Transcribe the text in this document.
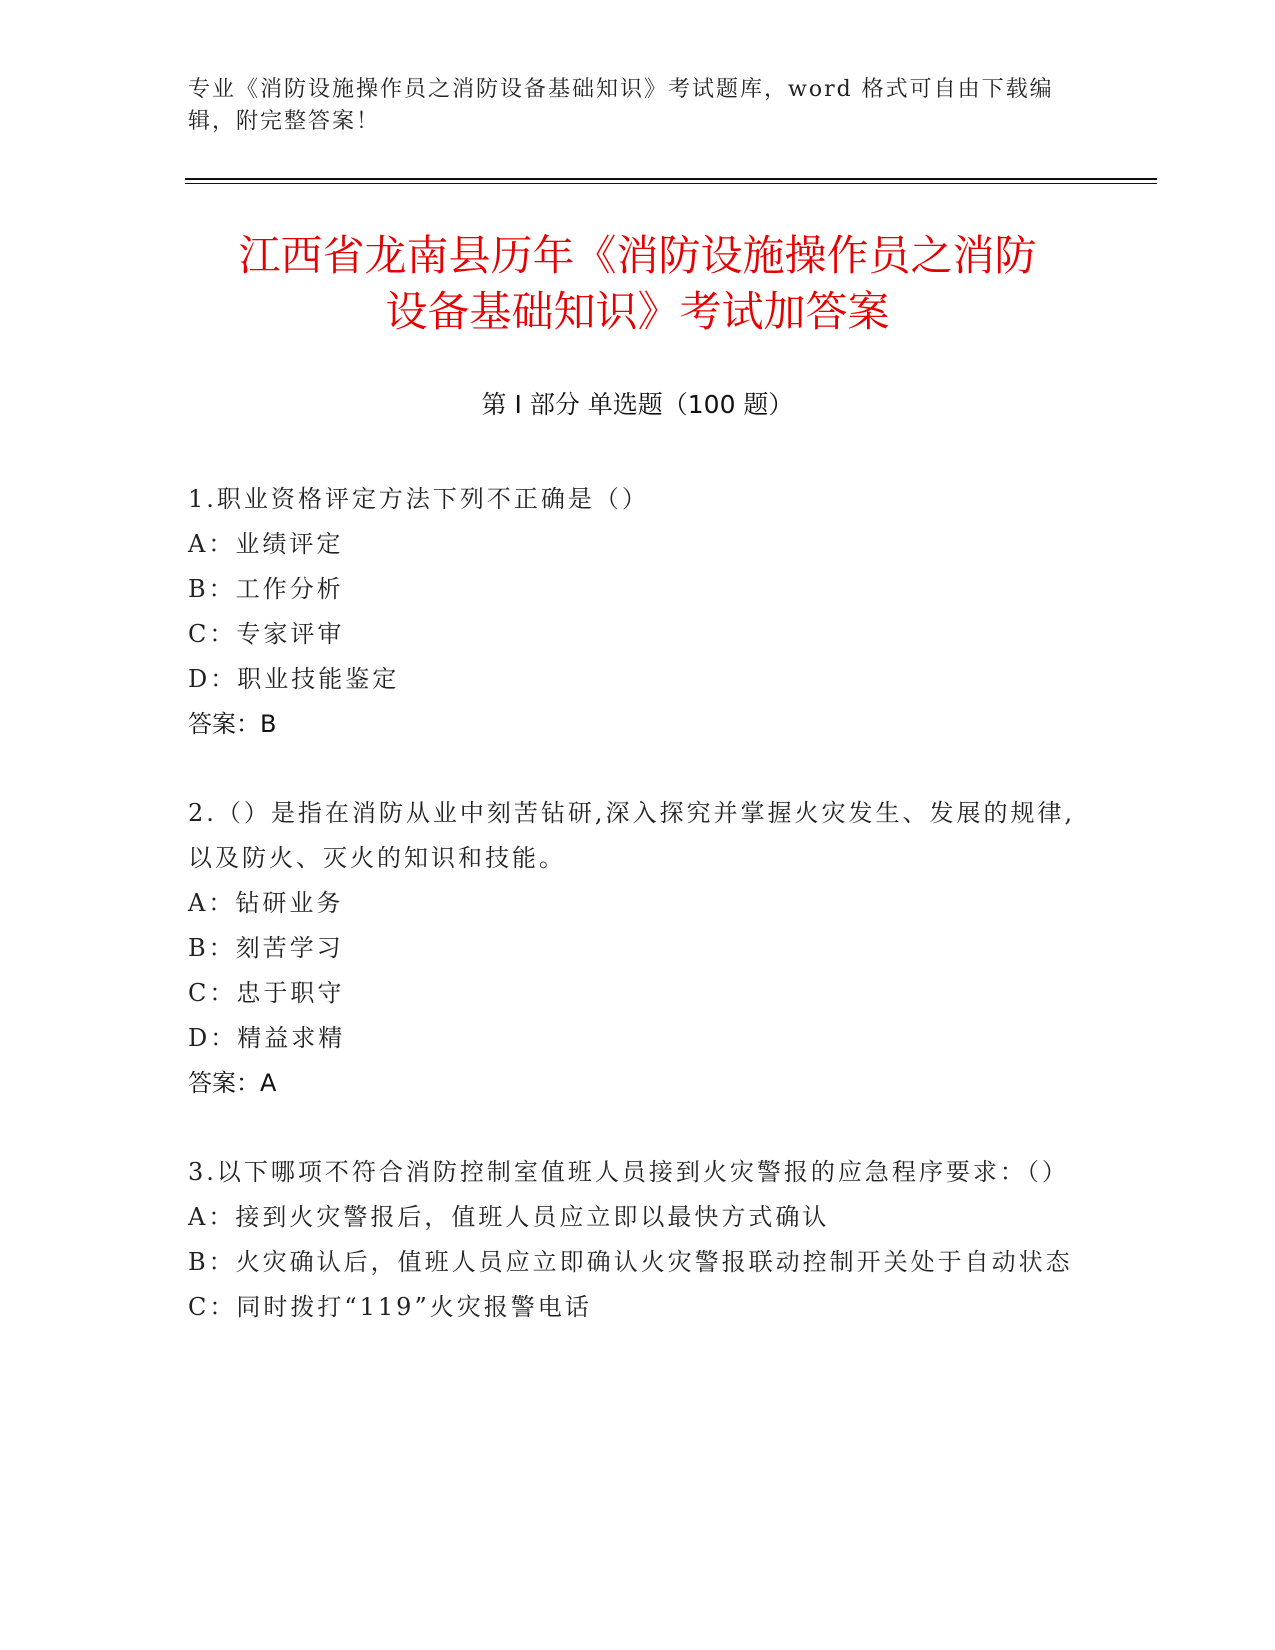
专业《消防设施操作员之消防设备基础知识》考试题库，word 格式可自由下载编辑，附完整答案！
江西省龙南县历年《消防设施操作员之消防
设备基础知识》考试加答案
第 I 部分 单选题（100 题）
1.职业资格评定方法下列不正确是（）
A：业绩评定
B：工作分析
C：专家评审
D：职业技能鉴定
答案：B
2.（）是指在消防从业中刻苦钻研,深入探究并掌握火灾发生、发展的规律,以及防火、灭火的知识和技能。
A：钻研业务
B：刻苦学习
C：忠于职守
D：精益求精
答案：A
3.以下哪项不符合消防控制室值班人员接到火灾警报的应急程序要求：（）
A：接到火灾警报后，值班人员应立即以最快方式确认
B：火灾确认后，值班人员应立即确认火灾警报联动控制开关处于自动状态
C：同时拨打“119”火灾报警电话
